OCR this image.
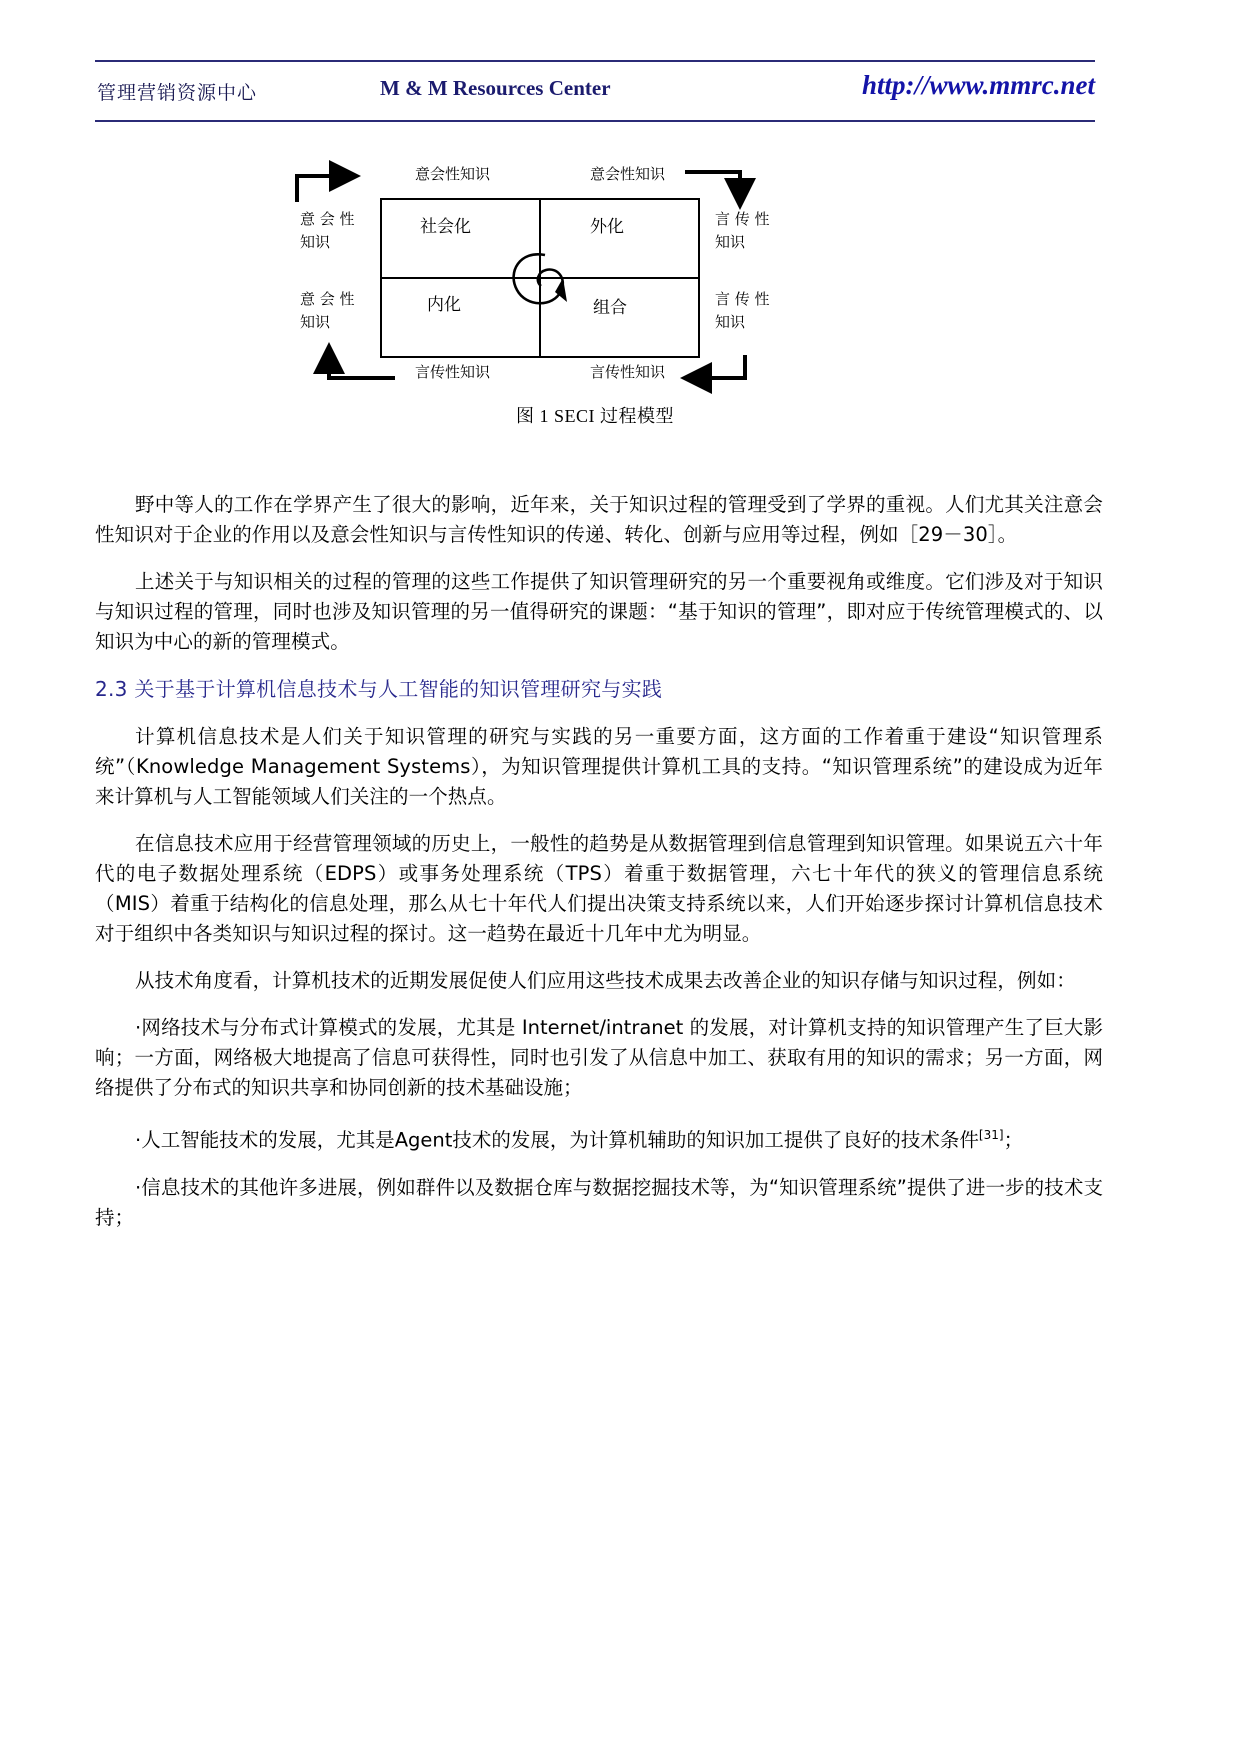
管理营销资源中心	M & M Resources Center	http://www.mmrc.net
社会化	外化
内化	组合
意会性知识	意会性知识
言传性知识	言传性知识
意 会 性
知识
意 会 性
知识
言 传 性
知识
言 传 性
知识
图 1 SECI 过程模型

野中等人的工作在学界产生了很大的影响，近年来，关于知识过程的管理受到了学界的重视。人们尤其关注意会性知识对于企业的作用以及意会性知识与言传性知识的传递、转化、创新与应用等过程，例如［29－30］。

上述关于与知识相关的过程的管理的这些工作提供了知识管理研究的另一个重要视角或维度。它们涉及对于知识与知识过程的管理，同时也涉及知识管理的另一值得研究的课题：“基于知识的管理”，即对应于传统管理模式的、以知识为中心的新的管理模式。

2.3 关于基于计算机信息技术与人工智能的知识管理研究与实践

计算机信息技术是人们关于知识管理的研究与实践的另一重要方面，这方面的工作着重于建设“知识管理系统”（Knowledge Management Systems），为知识管理提供计算机工具的支持。“知识管理系统”的建设成为近年来计算机与人工智能领域人们关注的一个热点。

在信息技术应用于经营管理领域的历史上，一般性的趋势是从数据管理到信息管理到知识管理。如果说五六十年代的电子数据处理系统（EDPS）或事务处理系统（TPS）着重于数据管理，六七十年代的狭义的管理信息系统（MIS）着重于结构化的信息处理，那么从七十年代人们提出决策支持系统以来，人们开始逐步探讨计算机信息技术对于组织中各类知识与知识过程的探讨。这一趋势在最近十几年中尤为明显。

从技术角度看，计算机技术的近期发展促使人们应用这些技术成果去改善企业的知识存储与知识过程，例如：

·网络技术与分布式计算模式的发展，尤其是 Internet/intranet 的发展，对计算机支持的知识管理产生了巨大影响；一方面，网络极大地提高了信息可获得性，同时也引发了从信息中加工、获取有用的知识的需求；另一方面，网络提供了分布式的知识共享和协同创新的技术基础设施；

·人工智能技术的发展，尤其是Agent技术的发展，为计算机辅助的知识加工提供了良好的技术条件[31]；

·信息技术的其他许多进展，例如群件以及数据仓库与数据挖掘技术等，为“知识管理系统”提供了进一步的技术支持；
